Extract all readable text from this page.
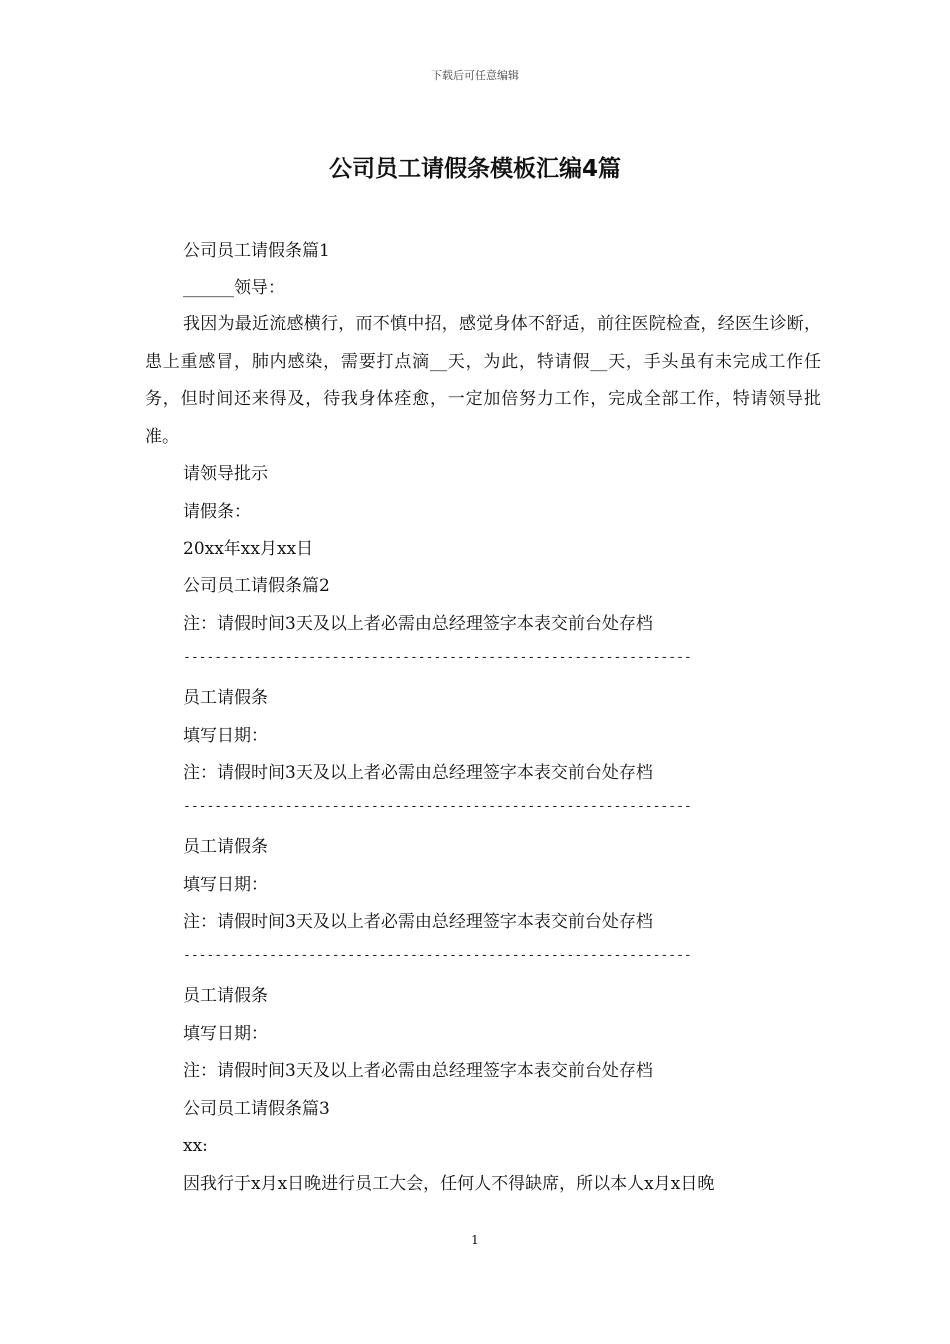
下载后可任意编辑
公司员工请假条模板汇编4篇
公司员工请假条篇1
______领导：
我因为最近流感横行，而不慎中招，感觉身体不舒适，前往医院检查，经医生诊断，患上重感冒，肺内感染，需要打点滴__天，为此，特请假__天，手头虽有未完成工作任务，但时间还来得及，待我身体痊愈，一定加倍努力工作，完成全部工作，特请领导批准。
请领导批示
请假条：
20xx年xx月xx日
公司员工请假条篇2
注：请假时间3天及以上者必需由总经理签字本表交前台处存档
-----------------------------------------------------------------
员工请假条
填写日期：
注：请假时间3天及以上者必需由总经理签字本表交前台处存档
-----------------------------------------------------------------
员工请假条
填写日期：
注：请假时间3天及以上者必需由总经理签字本表交前台处存档
-----------------------------------------------------------------
员工请假条
填写日期：
注：请假时间3天及以上者必需由总经理签字本表交前台处存档
公司员工请假条篇3
xx:
因我行于x月x日晚进行员工大会，任何人不得缺席，所以本人x月x日晚
1
